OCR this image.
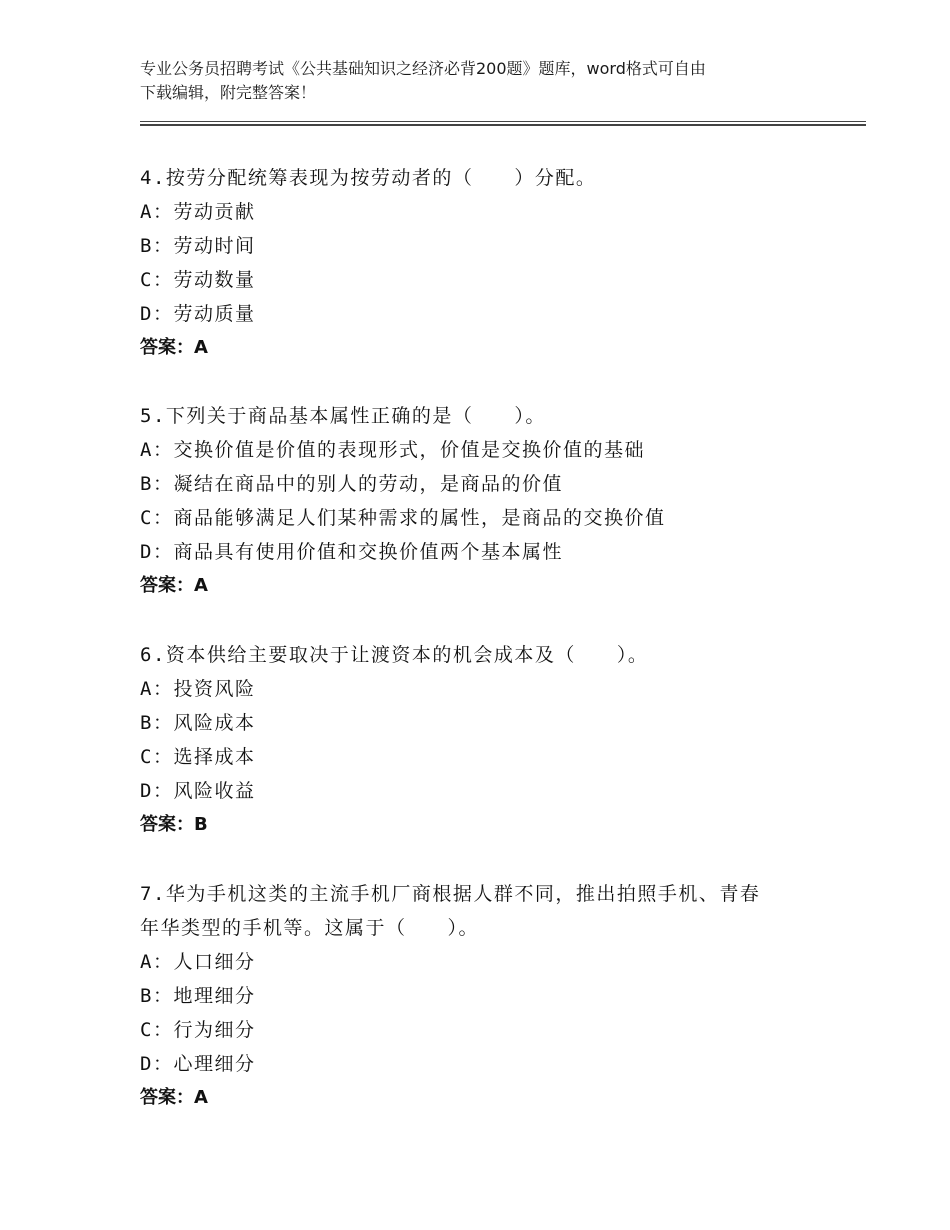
专业公务员招聘考试《公共基础知识之经济必背200题》题库，word格式可自由
下载编辑，附完整答案！
4.按劳分配统筹表现为按劳动者的（　　）分配。
A：劳动贡献
B：劳动时间
C：劳动数量
D：劳动质量
答案：A
5.下列关于商品基本属性正确的是（　　）。
A：交换价值是价值的表现形式，价值是交换价值的基础
B：凝结在商品中的别人的劳动，是商品的价值
C：商品能够满足人们某种需求的属性，是商品的交换价值
D：商品具有使用价值和交换价值两个基本属性
答案：A
6.资本供给主要取决于让渡资本的机会成本及（　　）。
A：投资风险
B：风险成本
C：选择成本
D：风险收益
答案：B
7.华为手机这类的主流手机厂商根据人群不同，推出拍照手机、青春
年华类型的手机等。这属于（　　）。
A：人口细分
B：地理细分
C：行为细分
D：心理细分
答案：A
